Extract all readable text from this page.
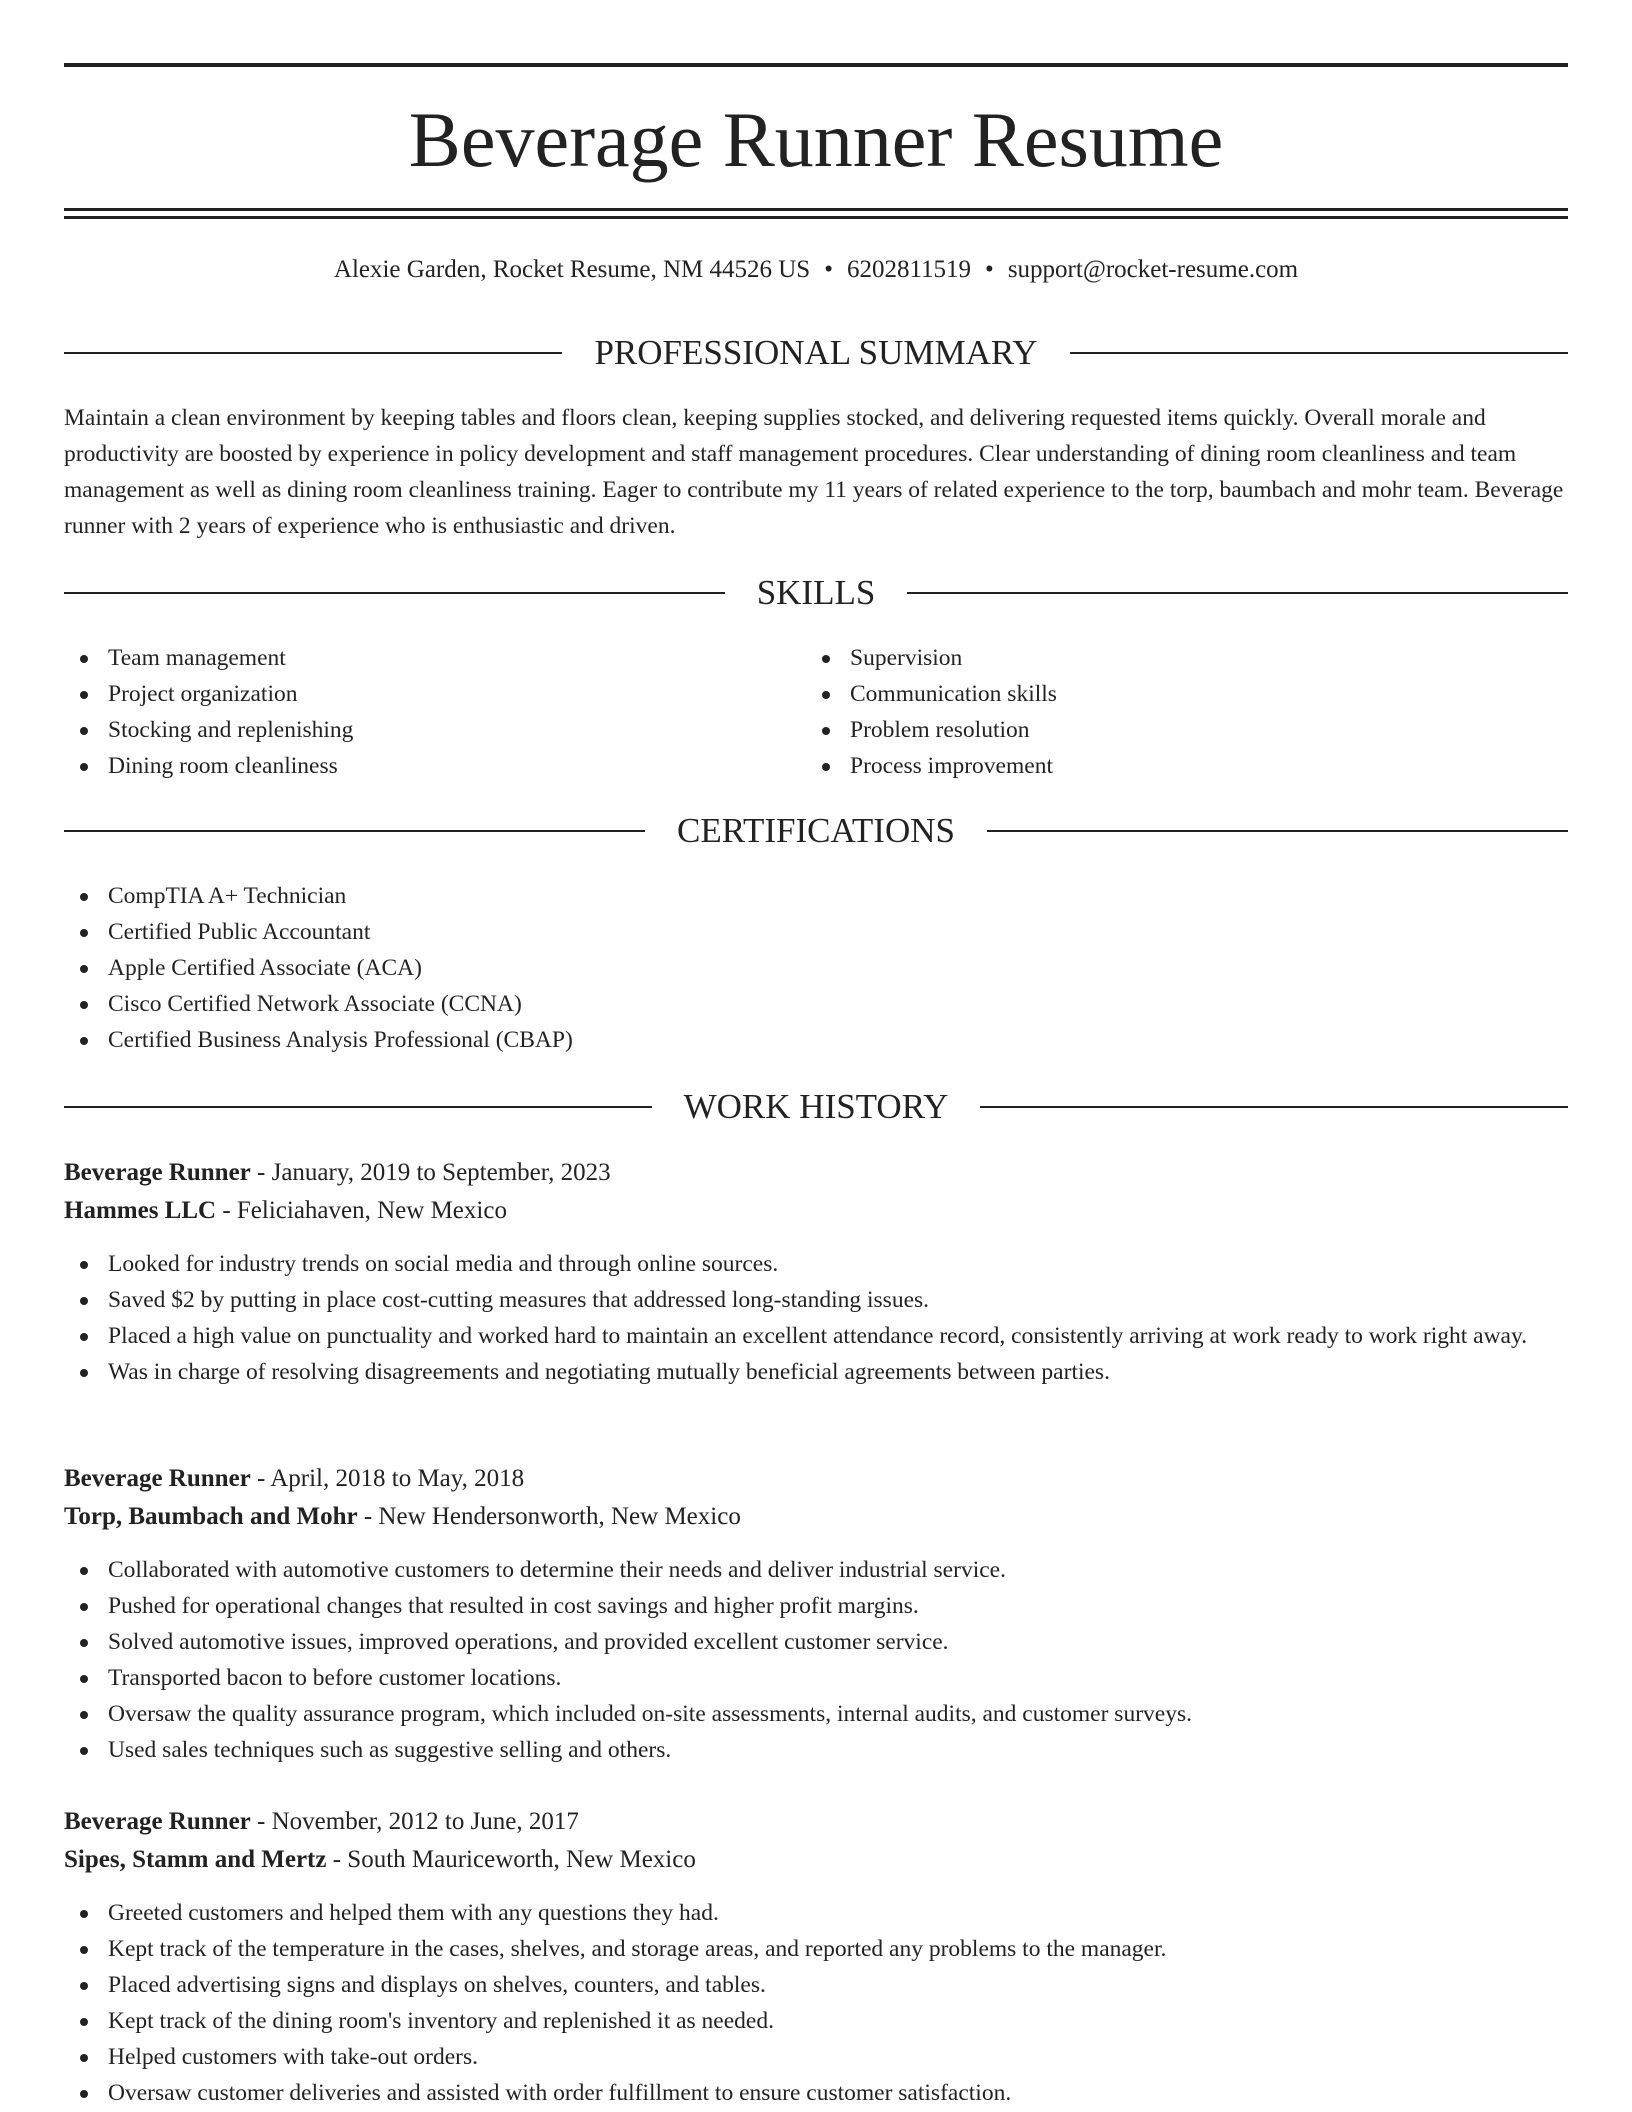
Beverage Runner Resume
Alexie Garden, Rocket Resume, NM 44526 US • 6202811519 • support@rocket-resume.com
PROFESSIONAL SUMMARY
Maintain a clean environment by keeping tables and floors clean, keeping supplies stocked, and delivering requested items quickly. Overall morale and productivity are boosted by experience in policy development and staff management procedures. Clear understanding of dining room cleanliness and team management as well as dining room cleanliness training. Eager to contribute my 11 years of related experience to the torp, baumbach and mohr team. Beverage runner with 2 years of experience who is enthusiastic and driven.
SKILLS
Team management
Project organization
Stocking and replenishing
Dining room cleanliness
Supervision
Communication skills
Problem resolution
Process improvement
CERTIFICATIONS
CompTIA A+ Technician
Certified Public Accountant
Apple Certified Associate (ACA)
Cisco Certified Network Associate (CCNA)
Certified Business Analysis Professional (CBAP)
WORK HISTORY
Beverage Runner - January, 2019 to September, 2023
Hammes LLC - Feliciahaven, New Mexico
Looked for industry trends on social media and through online sources.
Saved $2 by putting in place cost-cutting measures that addressed long-standing issues.
Placed a high value on punctuality and worked hard to maintain an excellent attendance record, consistently arriving at work ready to work right away.
Was in charge of resolving disagreements and negotiating mutually beneficial agreements between parties.
Beverage Runner - April, 2018 to May, 2018
Torp, Baumbach and Mohr - New Hendersonworth, New Mexico
Collaborated with automotive customers to determine their needs and deliver industrial service.
Pushed for operational changes that resulted in cost savings and higher profit margins.
Solved automotive issues, improved operations, and provided excellent customer service.
Transported bacon to before customer locations.
Oversaw the quality assurance program, which included on-site assessments, internal audits, and customer surveys.
Used sales techniques such as suggestive selling and others.
Beverage Runner - November, 2012 to June, 2017
Sipes, Stamm and Mertz - South Mauriceworth, New Mexico
Greeted customers and helped them with any questions they had.
Kept track of the temperature in the cases, shelves, and storage areas, and reported any problems to the manager.
Placed advertising signs and displays on shelves, counters, and tables.
Kept track of the dining room's inventory and replenished it as needed.
Helped customers with take-out orders.
Oversaw customer deliveries and assisted with order fulfillment to ensure customer satisfaction.
